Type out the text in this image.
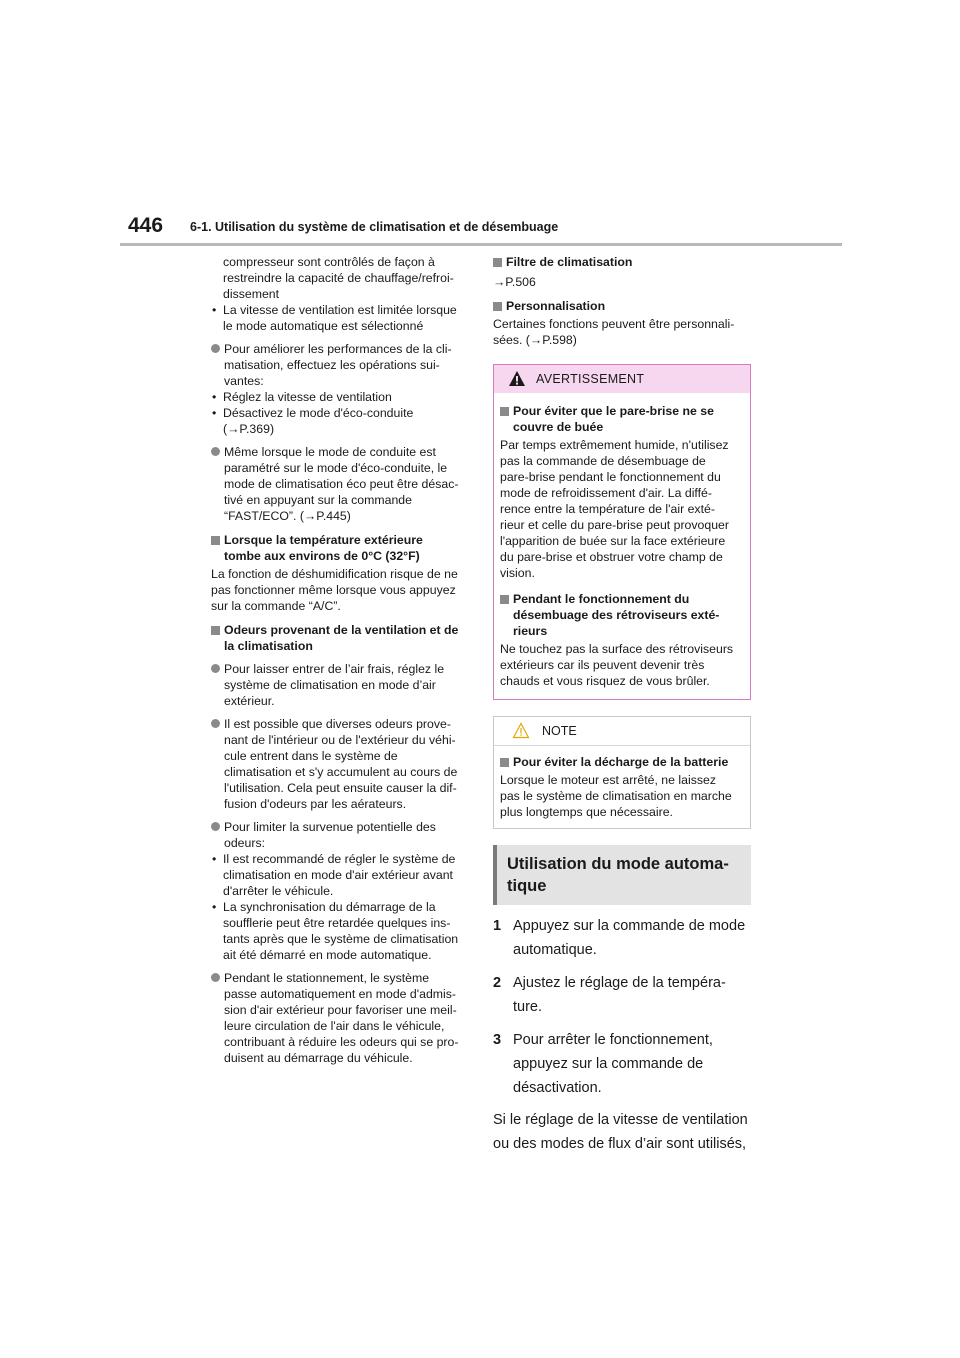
446 6-1. Utilisation du système de climatisation et de désembuage

compresseur sont contrôlés de façon à

restreindre la capacité de chauffage/refroi-

dissement

• La vitesse de ventilation est limitée lorsque

le mode automatique est sélectionné

Pour améliorer les performances de la cli-

matisation, effectuez les opérations sui-

vantes:

• Réglez la vitesse de ventilation

• Désactivez le mode d'éco-conduite

(→P.369)

Même lorsque le mode de conduite est

paramétré sur le mode d'éco-conduite, le

mode de climatisation éco peut être désac-

tivé en appuyant sur la commande

“FAST/ECO”. (→P.445)

Lorsque la température extérieure

tombe aux environs de 0°C (32°F)

La fonction de déshumidification risque de ne

pas fonctionner même lorsque vous appuyez

sur la commande “A/C”.

Odeurs provenant de la ventilation et de

la climatisation

Pour laisser entrer de l’air frais, réglez le

système de climatisation en mode d’air

extérieur.

Il est possible que diverses odeurs prove-

nant de l'intérieur ou de l'extérieur du véhi-

cule entrent dans le système de

climatisation et s'y accumulent au cours de

l'utilisation. Cela peut ensuite causer la dif-

fusion d'odeurs par les aérateurs.

Pour limiter la survenue potentielle des

odeurs:

• Il est recommandé de régler le système de

climatisation en mode d'air extérieur avant

d'arrêter le véhicule.

• La synchronisation du démarrage de la

soufflerie peut être retardée quelques ins-

tants après que le système de climatisation

ait été démarré en mode automatique.

Pendant le stationnement, le système

passe automatiquement en mode d'admis-

sion d'air extérieur pour favoriser une meil-

leure circulation de l'air dans le véhicule,

contribuant à réduire les odeurs qui se pro-

duisent au démarrage du véhicule.

Filtre de climatisation

→P.506

Personnalisation

Certaines fonctions peuvent être personnali-

sées. (→P.598)

AVERTISSEMENT

Pour éviter que le pare-brise ne se

couvre de buée

Par temps extrêmement humide, n'utilisez

pas la commande de désembuage de

pare-brise pendant le fonctionnement du

mode de refroidissement d'air. La diffé-

rence entre la température de l'air exté-

rieur et celle du pare-brise peut provoquer

l'apparition de buée sur la face extérieure

du pare-brise et obstruer votre champ de

vision.

Pendant le fonctionnement du

désembuage des rétroviseurs exté-

rieurs

Ne touchez pas la surface des rétroviseurs

extérieurs car ils peuvent devenir très

chauds et vous risquez de vous brûler.

NOTE

Pour éviter la décharge de la batterie

Lorsque le moteur est arrêté, ne laissez

pas le système de climatisation en marche

plus longtemps que nécessaire.

Utilisation du mode automa-
tique
1 Appuyez sur la commande de mode
automatique.
2 Ajustez le réglage de la tempéra-
ture.
3 Pour arrêter le fonctionnement,
appuyez sur la commande de
désactivation.
Si le réglage de la vitesse de ventilation
ou des modes de flux d’air sont utilisés,
